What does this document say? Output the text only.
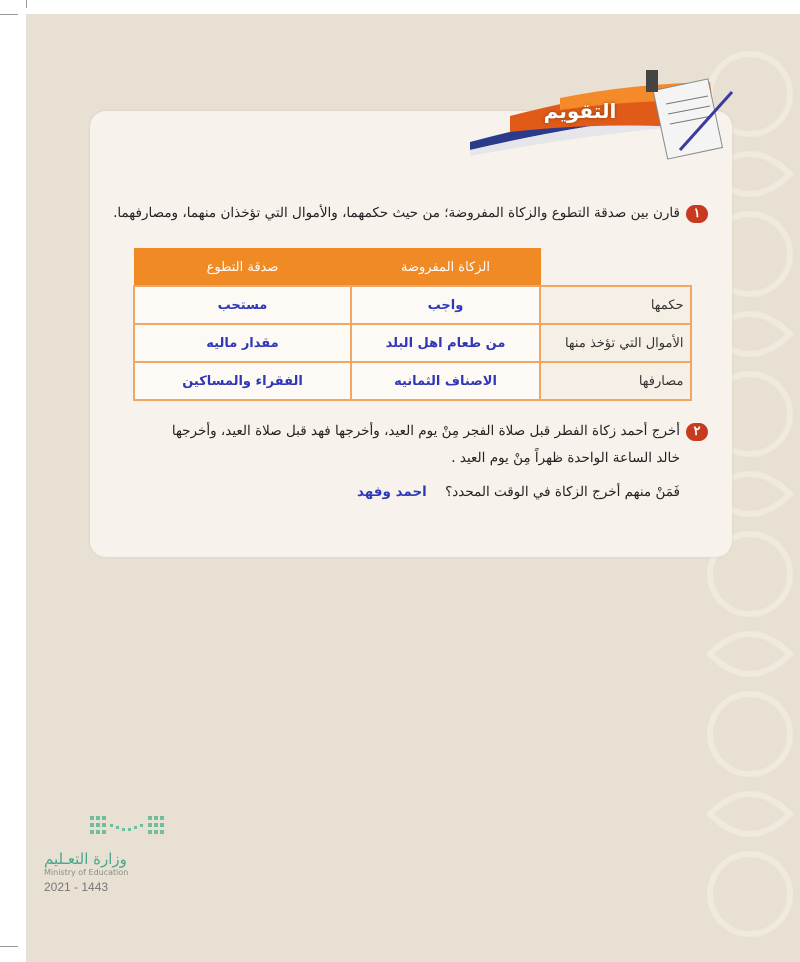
التقويم
١قارن بين صدقة التطوع والزكاة المفروضة؛ من حيث حكمهما، والأموال التي تؤخذان منهما، ومصارفهما.
	الزكاة المفروضة	صدقة التطوع
حكمها	واجب	مستحب
الأموال التي تؤخذ منها	من طعام اهل البلد	مقدار ماليه
مصارفها	الاصناف الثمانيه	الفقراء والمساكين
٢أخرج أحمد زكاة الفطر قبل صلاة الفجر مِنْ يوم العيد، وأخرجها فهد قبل صلاة العيد، وأخرجها
خالد الساعة الواحدة ظهراً مِنْ يوم العيد .
فَمَنْ منهم أخرج الزكاة في الوقت المحدد؟ احمد وفهد
وزارة التعـليم
Ministry of Education
2021 - 1443
